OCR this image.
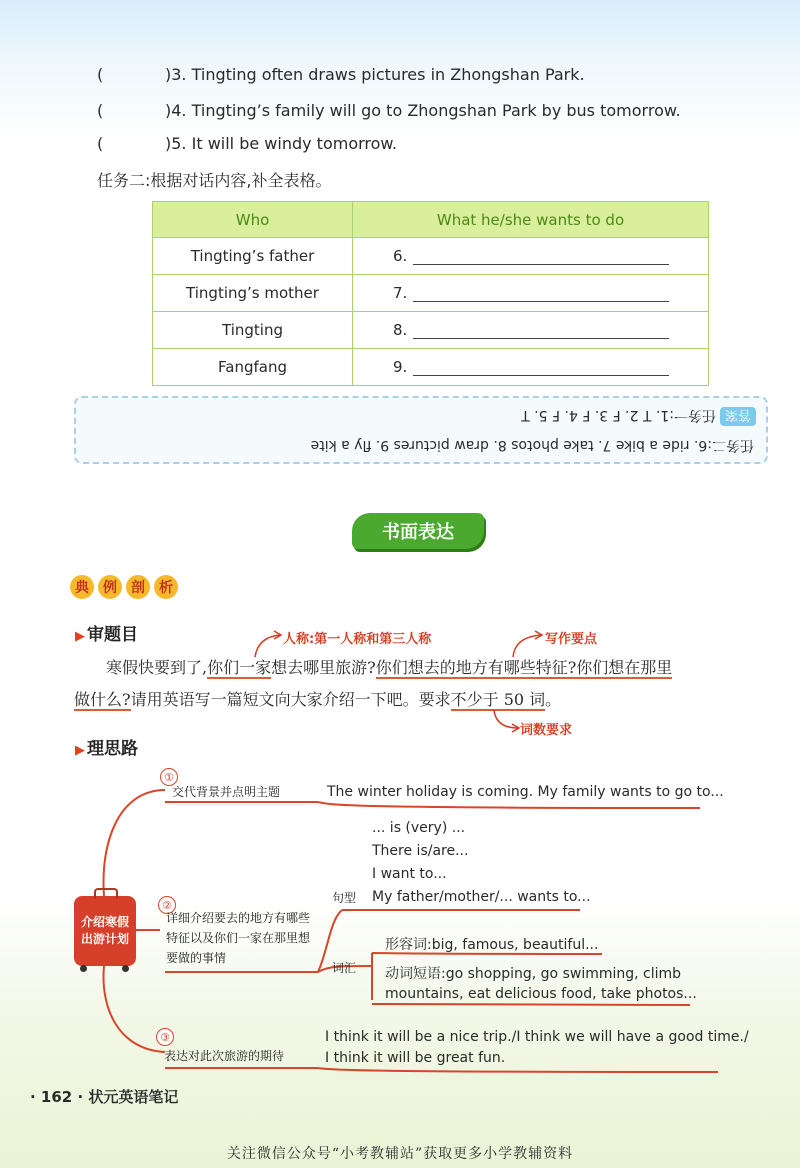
(	)3. Tingting often draws pictures in Zhongshan Park.
(	)4. Tingting’s family will go to Zhongshan Park by bus tomorrow.
(	)5. It will be windy tomorrow.
任务二:根据对话内容,补全表格。
Who	What he/she wants to do
Tingting’s father	6.
Tingting’s mother	7.
Tingting	8.
Fangfang	9.
任务二:6. ride a bike 7. take photos 8. draw pictures 9. fly a kite
答案任务一:1. T 2. F 3. F 4. F 5. T
书面表达
典	例	剖	析
▶ 审题目	人称:第一人称和第三人称	写作要点
寒假快要到了,你们一家想去哪里旅游?你们想去的地方有哪些特征?你们想在那里
做什么?请用英语写一篇短文向大家介绍一下吧。要求不少于 50 词。
词数要求
▶ 理思路
介绍寒假出游计划
①
交代背景并点明主题	The winter holiday is coming. My family wants to go to...
... is (very) ...
There is/are...
I want to...
My father/mother/... wants to...
句型
②
详细介绍要去的地方有哪些特征以及你们一家在那里想要做的事情
词汇
形容词:big, famous, beautiful...
动词短语:go shopping, go swimming, climb
mountains, eat delicious food, take photos...
③
表达对此次旅游的期待
I think it will be a nice trip./I think we will have a good time./
I think it will be great fun.
· 162 · 状元英语笔记
关注微信公众号“小考教辅站”获取更多小学教辅资料
